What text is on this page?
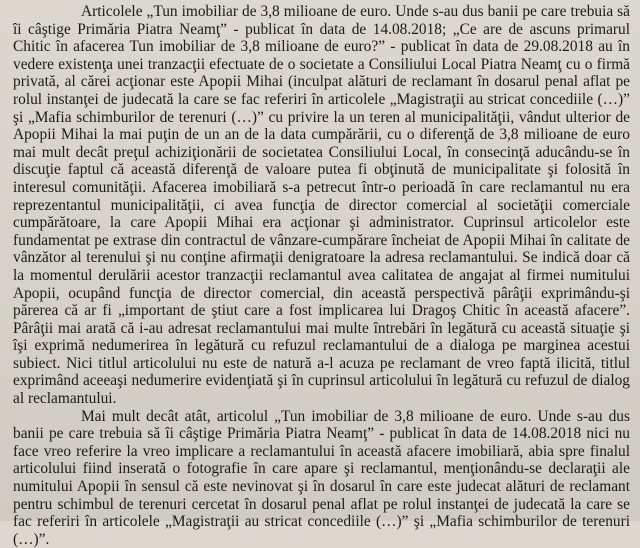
Articolele „Tun imobiliar de 3,8 milioane de euro. Unde s-au dus banii pe care trebuia să îi câştige Primăria Piatra Neamţ” - publicat în data de 14.08.2018; „Ce are de ascuns primarul Chitic în afacerea Tun imobiliar de 3,8 milioane de euro?” - publicat în data de 29.08.2018 au în vedere existenţa unei tranzacţii efectuate de o societate a Consiliului Local Piatra Neamţ cu o firmă privată, al cărei acţionar este Apopii Mihai (inculpat alături de reclamant în dosarul penal aflat pe rolul instanţei de judecată la care se fac referiri în articolele „Magistraţii au stricat concediile (…)” şi „Mafia schimburilor de terenuri (…)” cu privire la un teren al municipalităţii, vândut ulterior de Apopii Mihai la mai puţin de un an de la data cumpărării, cu o diferenţă de 3,8 milioane de euro mai mult decât preţul achiziţionării de societatea Consiliului Local, în consecinţă aducându-se în discuţie faptul că această diferenţă de valoare putea fi obţinută de municipalitate şi folosită în interesul comunităţii. Afacerea imobiliară s-a petrecut într-o perioadă în care reclamantul nu era reprezentantul municipalităţii, ci avea funcţia de director comercial al societăţii comerciale cumpărătoare, la care Apopii Mihai era acţionar şi administrator. Cuprinsul articolelor este fundamentat pe extrase din contractul de vânzare-cumpărare încheiat de Apopii Mihai în calitate de vânzător al terenului şi nu conţine afirmaţii denigratoare la adresa reclamantului. Se indică doar că la momentul derulării acestor tranzacţii reclamantul avea calitatea de angajat al firmei numitului Apopii, ocupând funcţia de director comercial, din această perspectivă pârâţii exprimându-şi părerea că ar fi „important de ştiut care a fost implicarea lui Dragoş Chitic în această afacere”. Pârâţii mai arată că i-au adresat reclamantului mai multe întrebări în legătură cu această situaţie şi îşi exprimă nedumerirea în legătură cu refuzul reclamantului de a dialoga pe marginea acestui subiect. Nici titlul articolului nu este de natură a-l acuza pe reclamant de vreo faptă ilicită, titlul exprimând aceeaşi nedumerire evidenţiată şi în cuprinsul articolului în legătură cu refuzul de dialog al reclamantului.

Mai mult decât atât, articolul „Tun imobiliar de 3,8 milioane de euro. Unde s-au dus banii pe care trebuia să îi câştige Primăria Piatra Neamţ” - publicat în data de 14.08.2018 nici nu face vreo referire la vreo implicare a reclamantului în această afacere imobiliară, abia spre finalul articolului fiind inserată o fotografie în care apare şi reclamantul, menţionându-se declaraţii ale numitului Apopii în sensul că este nevinovat şi în dosarul în care este judecat alături de reclamant pentru schimbul de terenuri cercetat în dosarul penal aflat pe rolul instanţei de judecată la care se fac referiri în articolele „Magistraţii au stricat concediile (…)” şi „Mafia schimburilor de terenuri (…)”.
